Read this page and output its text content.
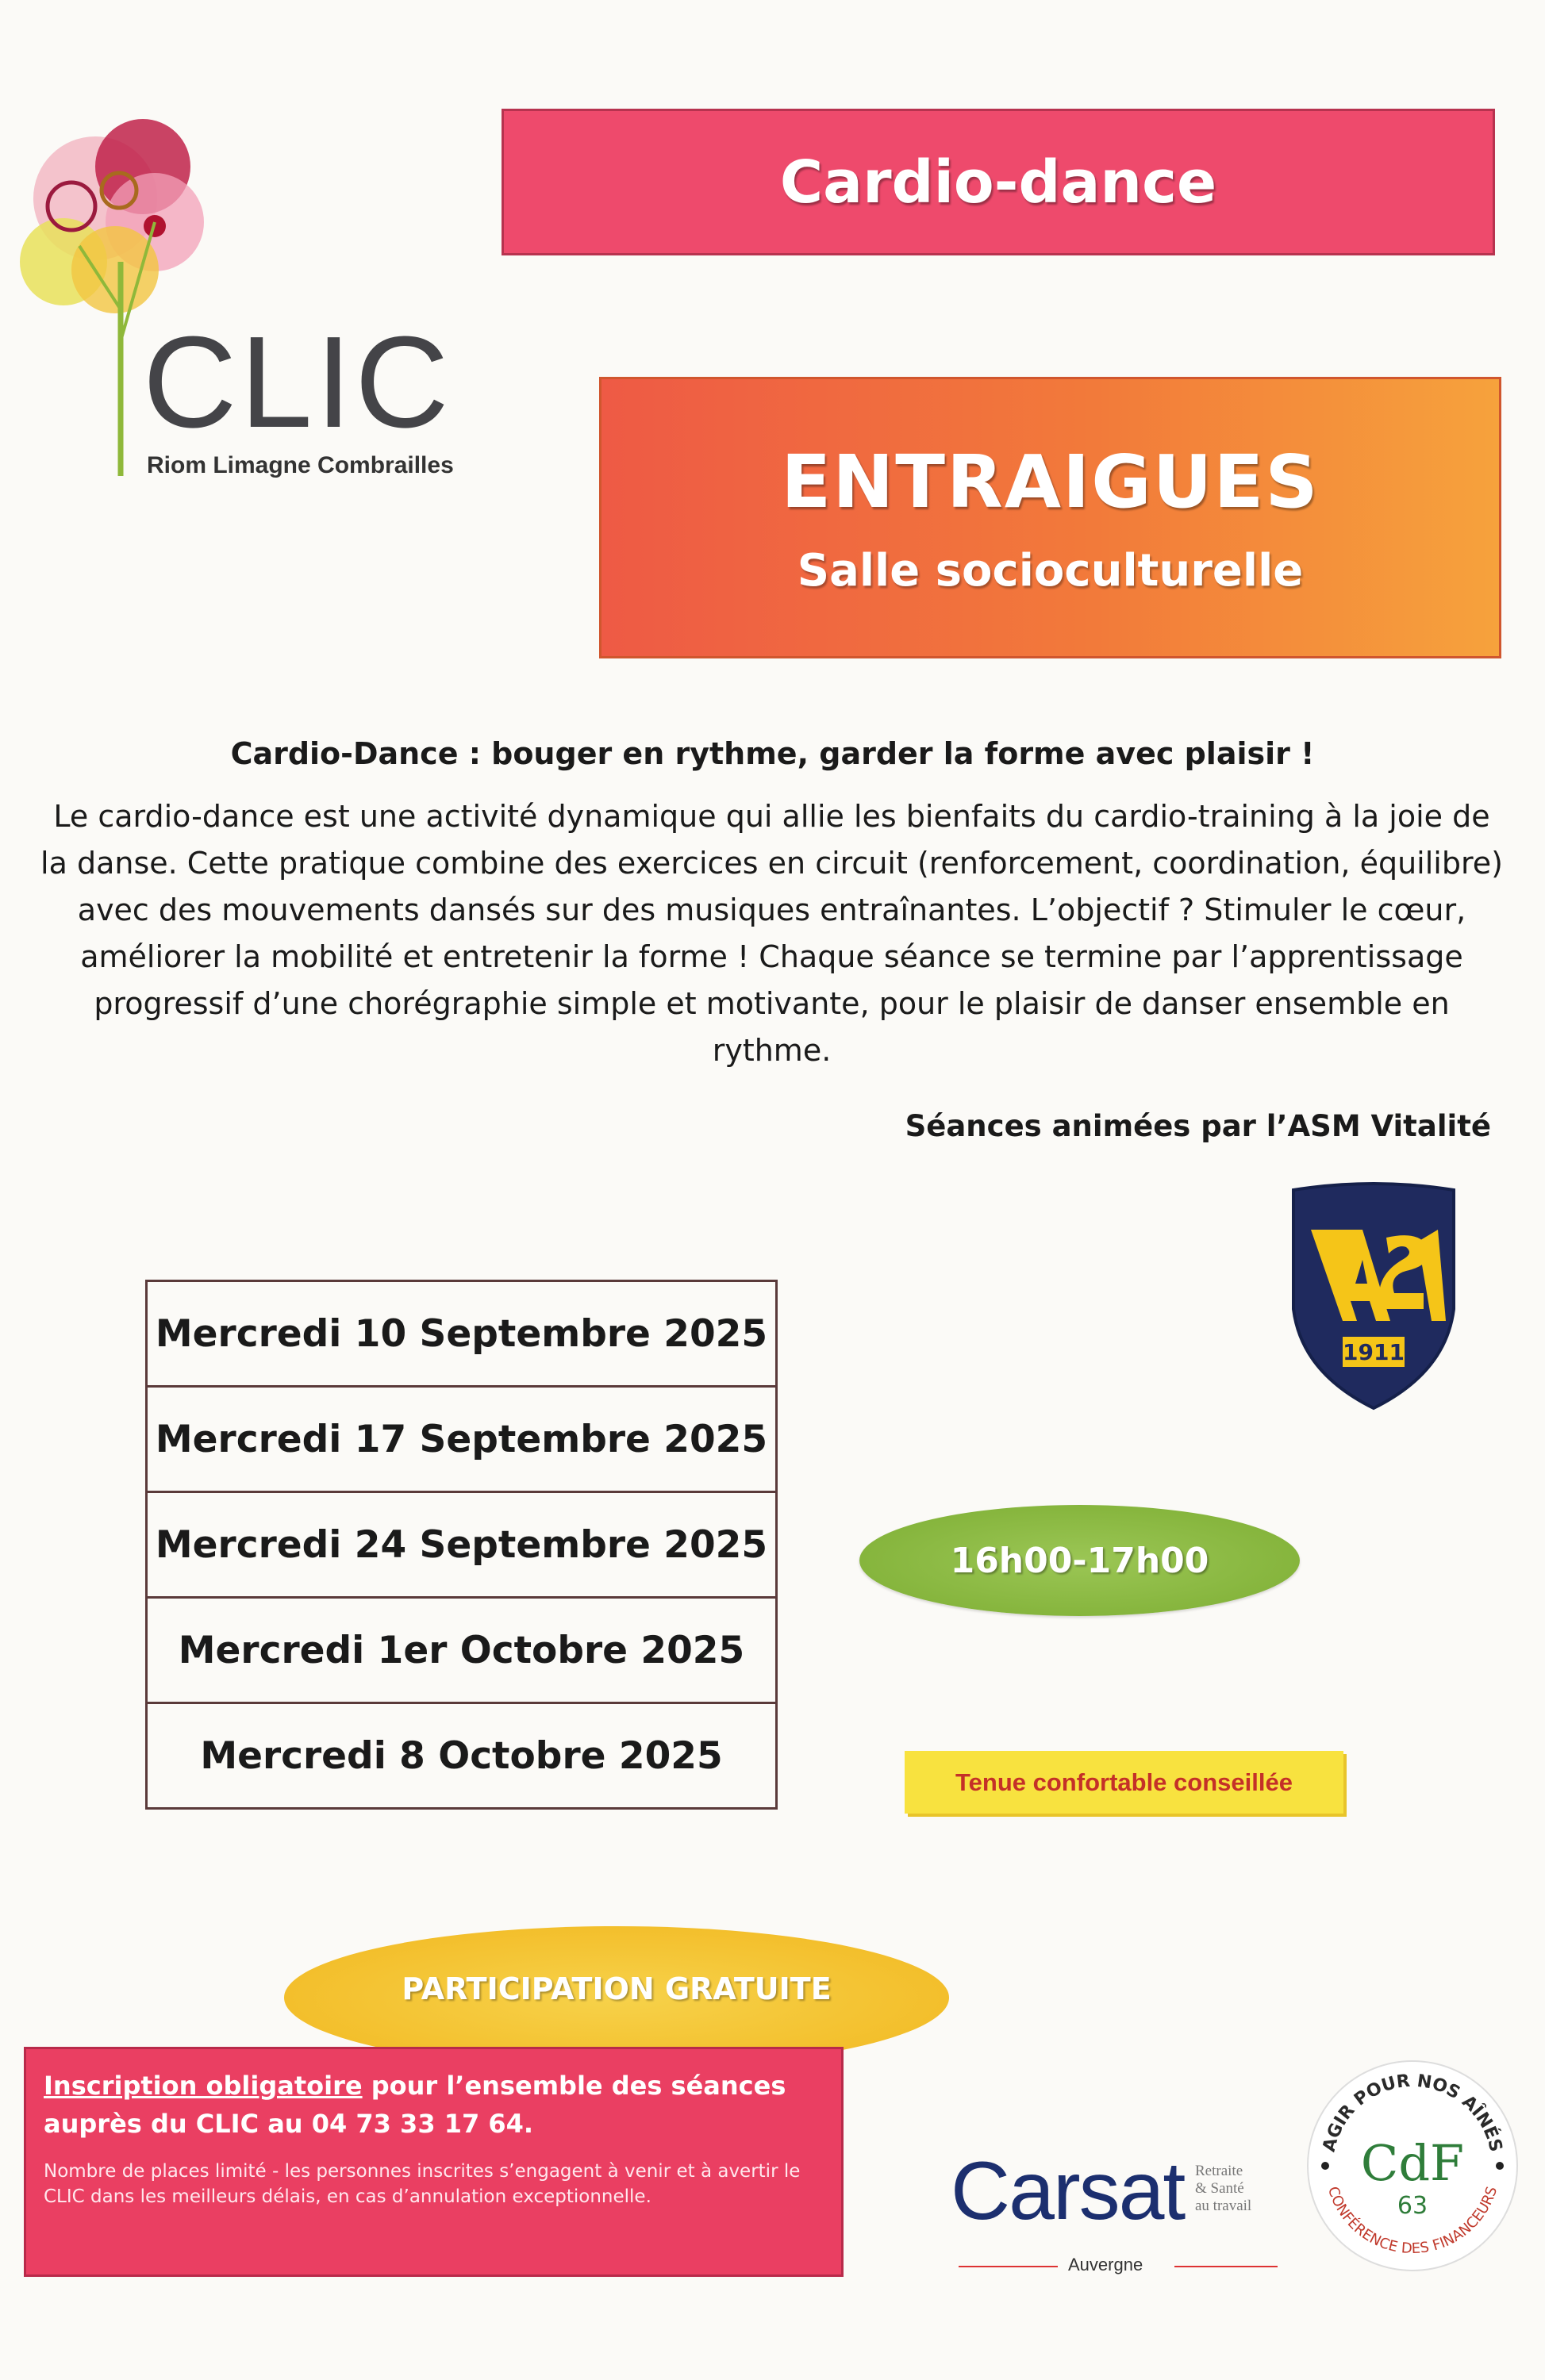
CLIC
Riom Limagne Combrailles
Cardio-dance
ENTRAIGUES
Salle socioculturelle
Cardio-Dance : bouger en rythme, garder la forme avec plaisir !

Le cardio-dance est une activité dynamique qui allie les bienfaits du cardio-training à la joie de la danse. Cette pratique combine des exercices en circuit (renforcement, coordination, équilibre) avec des mouvements dansés sur des musiques entraînantes. L’objectif ? Stimuler le cœur, améliorer la mobilité et entretenir la forme ! Chaque séance se termine par l’apprentissage progressif d’une chorégraphie simple et motivante, pour le plaisir de danser ensemble en rythme.

Séances animées par l’ASM Vitalité
1911
Mercredi 10 Septembre 2025
Mercredi 17 Septembre 2025
Mercredi 24 Septembre 2025
Mercredi 1er Octobre 2025
Mercredi 8 Octobre 2025
16h00-17h00
Tenue confortable conseillée
PARTICIPATION GRATUITE

Inscription obligatoire pour l’ensemble des séances auprès du CLIC au 04 73 33 17 64.

Nombre de places limité - les personnes inscrites s’engagent à venir et à avertir le CLIC dans les meilleurs délais, en cas d’annulation exceptionnelle.	Carsat Retraite
& Santé
au travail
Auvergne
AGIR POUR NOS AÎNÉS
CONFÉRENCE DES FINANCEURS
CdF
63
